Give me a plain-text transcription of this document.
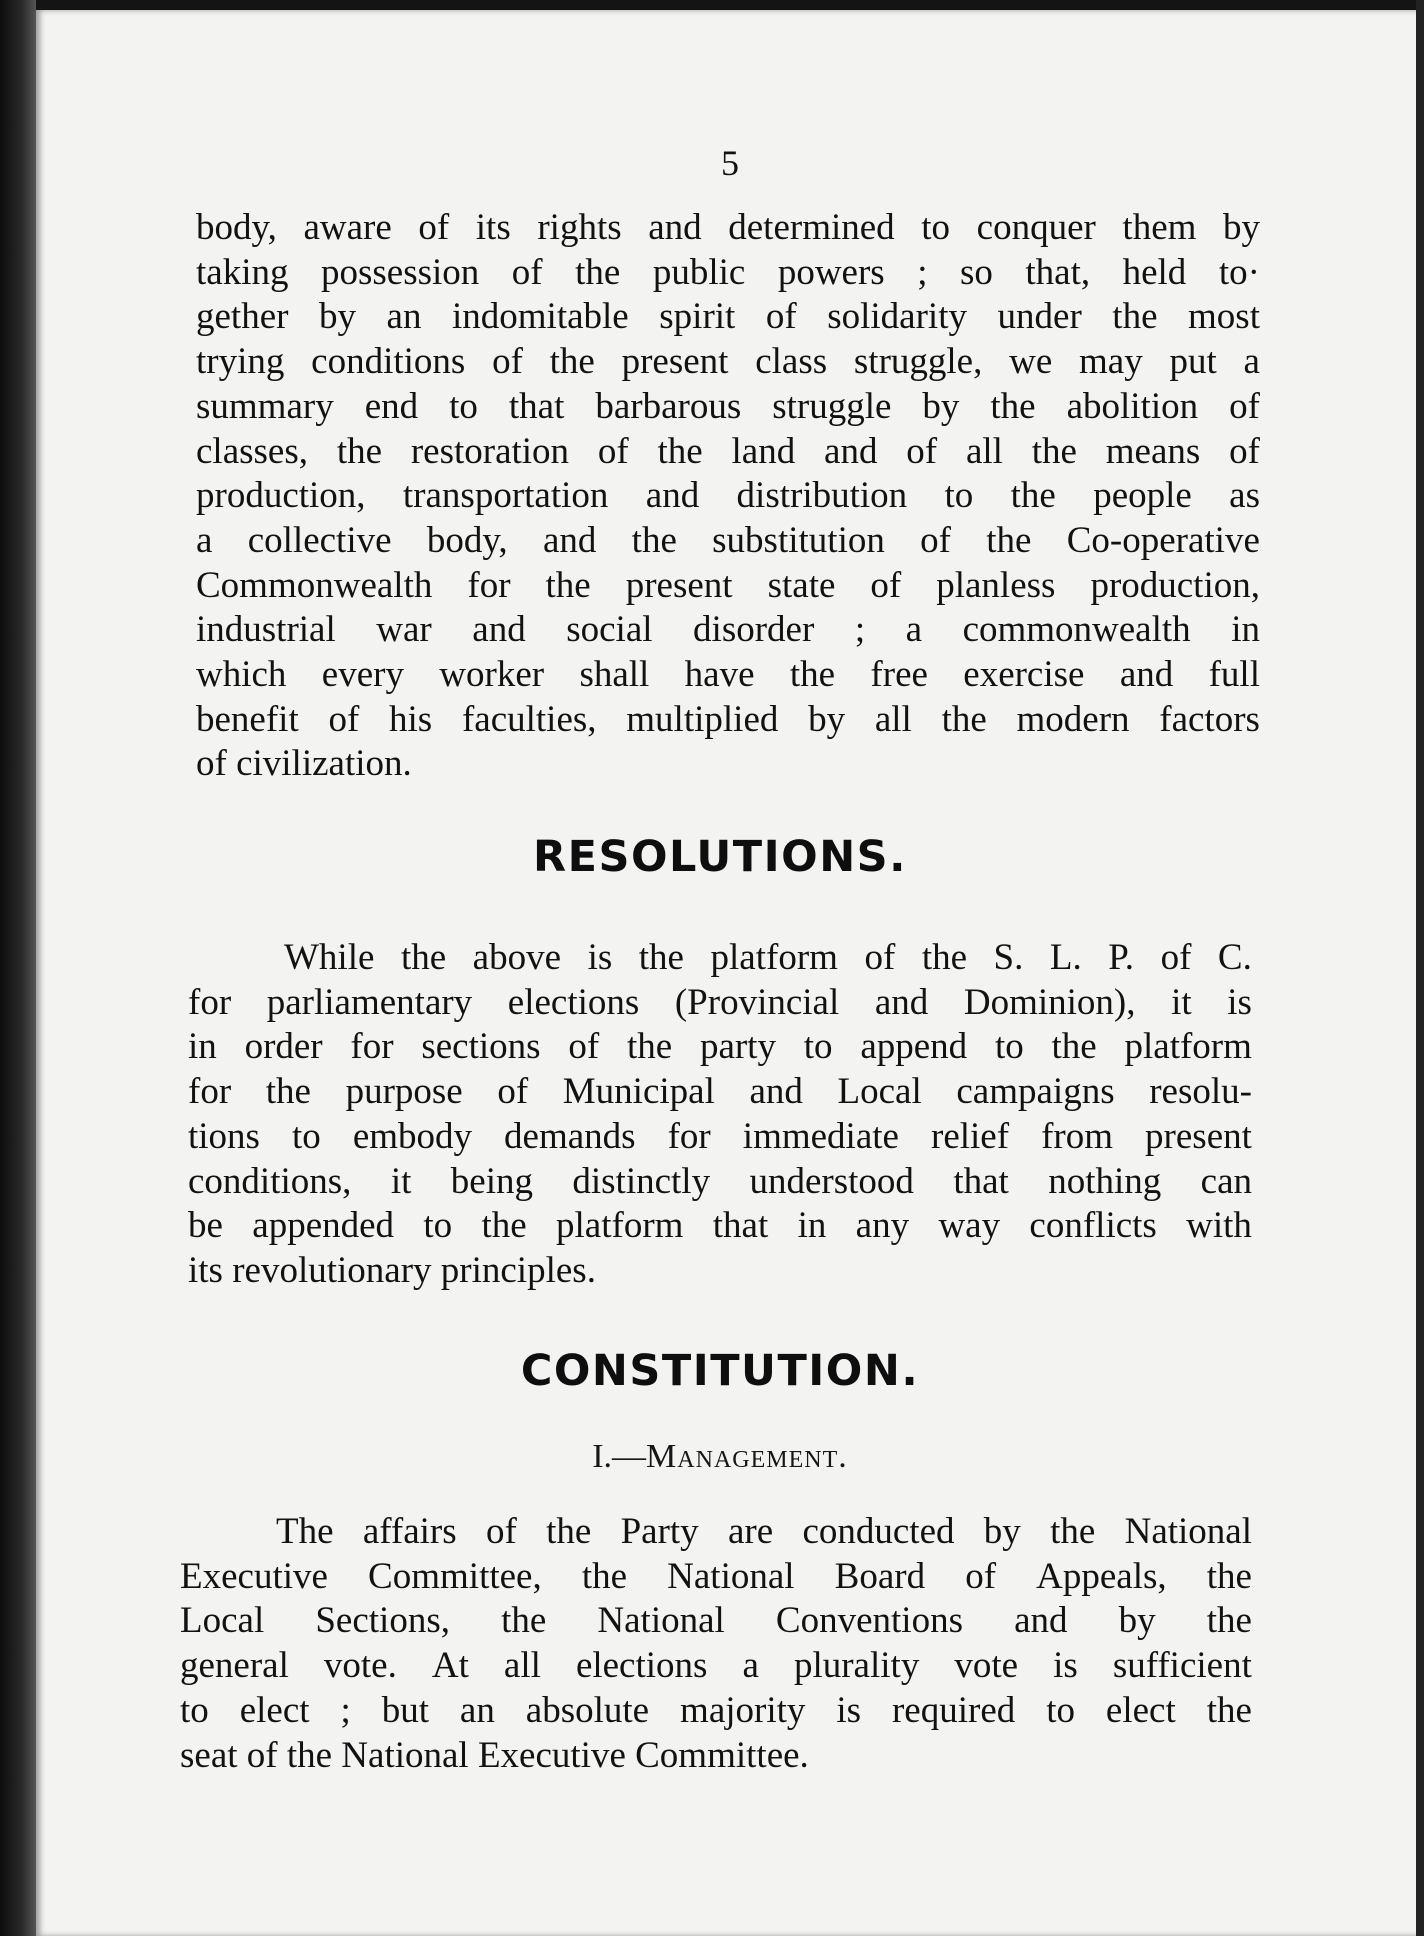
5
body, aware of its rights and determined to conquer them by
taking possession of the public powers ; so that, held to·
gether by an indomitable spirit of solidarity under the most
trying conditions of the present class struggle, we may put a
summary end to that barbarous struggle by the abolition of
classes, the restoration of the land and of all the means of
production, transportation and distribution to the people as
a collective body, and the substitution of the Co-operative
Commonwealth for the present state of planless production,
industrial war and social disorder ; a commonwealth in
which every worker shall have the free exercise and full
benefit of his faculties, multiplied by all the modern factors
of civilization.
RESOLUTIONS.
While the above is the platform of the S. L. P. of C.
for parliamentary elections (Provincial and Dominion), it is
in order for sections of the party to append to the platform
for the purpose of Municipal and Local campaigns resolu-
tions to embody demands for immediate relief from present
conditions, it being distinctly understood that nothing can
be appended to the platform that in any way conflicts with
its revolutionary principles.
CONSTITUTION.
I.—Management.
The affairs of the Party are conducted by the National
Executive Committee, the National Board of Appeals, the
Local Sections, the National Conventions and by the
general vote. At all elections a plurality vote is sufficient
to elect ; but an absolute majority is required to elect the
seat of the National Executive Committee.
